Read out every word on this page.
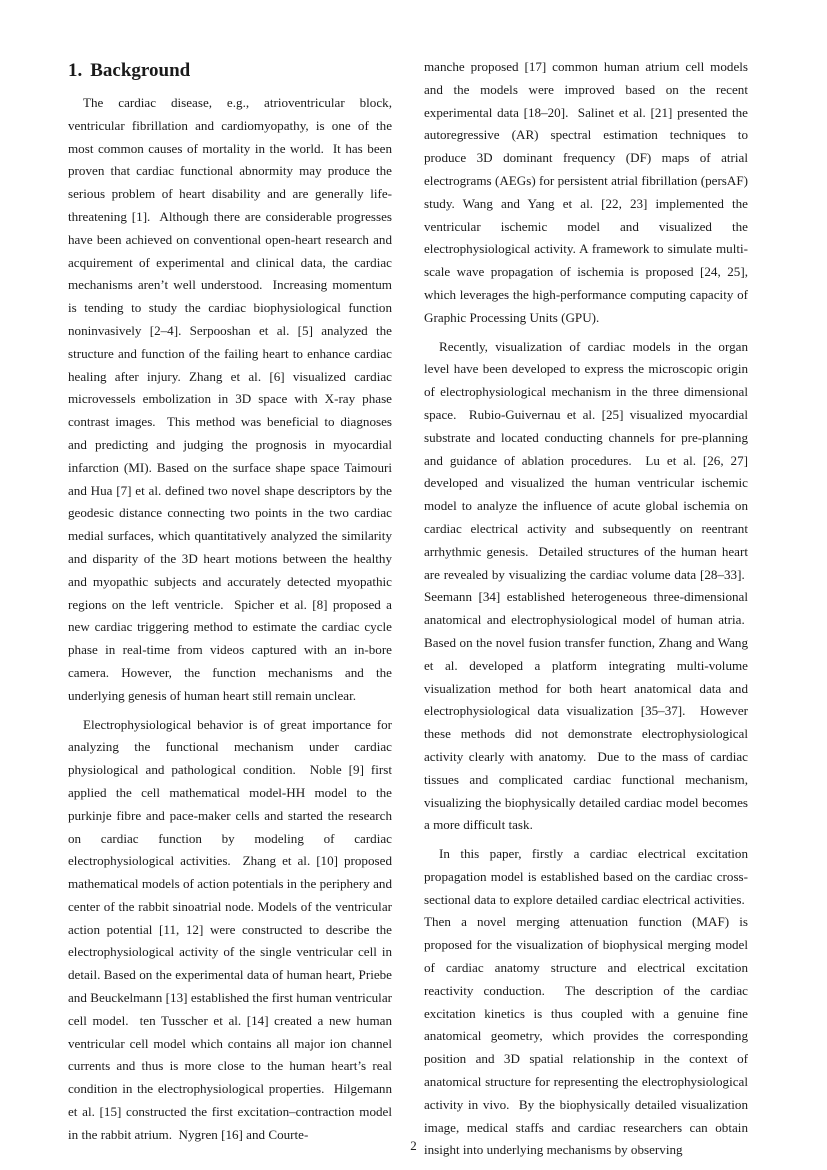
1. Background

The cardiac disease, e.g., atrioventricular block, ventricular fibrillation and cardiomyopathy, is one of the most common causes of mortality in the world.  It has been proven that cardiac functional abnormity may produce the serious problem of heart disability and are generally life-threatening [1].  Although there are considerable progresses have been achieved on conventional open-heart research and acquirement of experimental and clinical data, the cardiac mechanisms aren’t well understood.  Increasing momentum is tending to study the cardiac biophysiological function noninvasively [2–4]. Serpooshan et al. [5] analyzed the structure and function of the failing heart to enhance cardiac healing after injury. Zhang et al. [6] visualized cardiac microvessels embolization in 3D space with X-ray phase contrast images.  This method was beneficial to diagnoses and predicting and judging the prognosis in myocardial infarction (MI). Based on the surface shape space Taimouri and Hua [7] et al. defined two novel shape descriptors by the geodesic distance connecting two points in the two cardiac medial surfaces, which quantitatively analyzed the similarity and disparity of the 3D heart motions between the healthy and myopathic subjects and accurately detected myopathic regions on the left ventricle.  Spicher et al. [8] proposed a new cardiac triggering method to estimate the cardiac cycle phase in real-time from videos captured with an in-bore camera. However, the function mechanisms and the underlying genesis of human heart still remain unclear.

Electrophysiological behavior is of great importance for analyzing the functional mechanism under cardiac physiological and pathological condition.  Noble [9] first applied the cell mathematical model-HH model to the purkinje fibre and pace-maker cells and started the research on cardiac function by modeling of cardiac electrophysiological activities.  Zhang et al. [10] proposed mathematical models of action potentials in the periphery and center of the rabbit sinoatrial node. Models of the ventricular action potential [11, 12] were constructed to describe the electrophysiological activity of the single ventricular cell in detail. Based on the experimental data of human heart, Priebe and Beuckelmann [13] established the first human ventricular cell model.  ten Tusscher et al. [14] created a new human ventricular cell model which contains all major ion channel currents and thus is more close to the human heart’s real condition in the electrophysiological properties.  Hilgemann et al. [15] constructed the first excitation–contraction model in the rabbit atrium.  Nygren [16] and Courte-

manche proposed [17] common human atrium cell models and the models were improved based on the recent experimental data [18–20].  Salinet et al. [21] presented the autoregressive (AR) spectral estimation techniques to produce 3D dominant frequency (DF) maps of atrial electrograms (AEGs) for persistent atrial fibrillation (persAF) study. Wang and Yang et al. [22, 23] implemented the ventricular ischemic model and visualized the electrophysiological activity. A framework to simulate multi-scale wave propagation of ischemia is proposed [24, 25], which leverages the high-performance computing capacity of Graphic Processing Units (GPU).

Recently, visualization of cardiac models in the organ level have been developed to express the microscopic origin of electrophysiological mechanism in the three dimensional space.  Rubio-Guivernau et al. [25] visualized myocardial substrate and located conducting channels for pre-planning and guidance of ablation procedures.  Lu et al. [26, 27] developed and visualized the human ventricular ischemic model to analyze the influence of acute global ischemia on cardiac electrical activity and subsequently on reentrant arrhythmic genesis.  Detailed structures of the human heart are revealed by visualizing the cardiac volume data [28–33].  Seemann [34] established heterogeneous three-dimensional anatomical and electrophysiological model of human atria.  Based on the novel fusion transfer function, Zhang and Wang et al. developed a platform integrating multi-volume visualization method for both heart anatomical data and electrophysiological data visualization [35–37].  However these methods did not demonstrate electrophysiological activity clearly with anatomy.  Due to the mass of cardiac tissues and complicated cardiac functional mechanism, visualizing the biophysically detailed cardiac model becomes a more difficult task.

In this paper, firstly a cardiac electrical excitation propagation model is established based on the cardiac cross-sectional data to explore detailed cardiac electrical activities.  Then a novel merging attenuation function (MAF) is proposed for the visualization of biophysical merging model of cardiac anatomy structure and electrical excitation reactivity conduction.  The description of the cardiac excitation kinetics is thus coupled with a genuine fine anatomical geometry, which provides the corresponding position and 3D spatial relationship in the context of anatomical structure for representing the electrophysiological activity in vivo.  By the biophysically detailed visualization image, medical staffs and cardiac researchers can obtain insight into underlying mechanisms by observing

2
